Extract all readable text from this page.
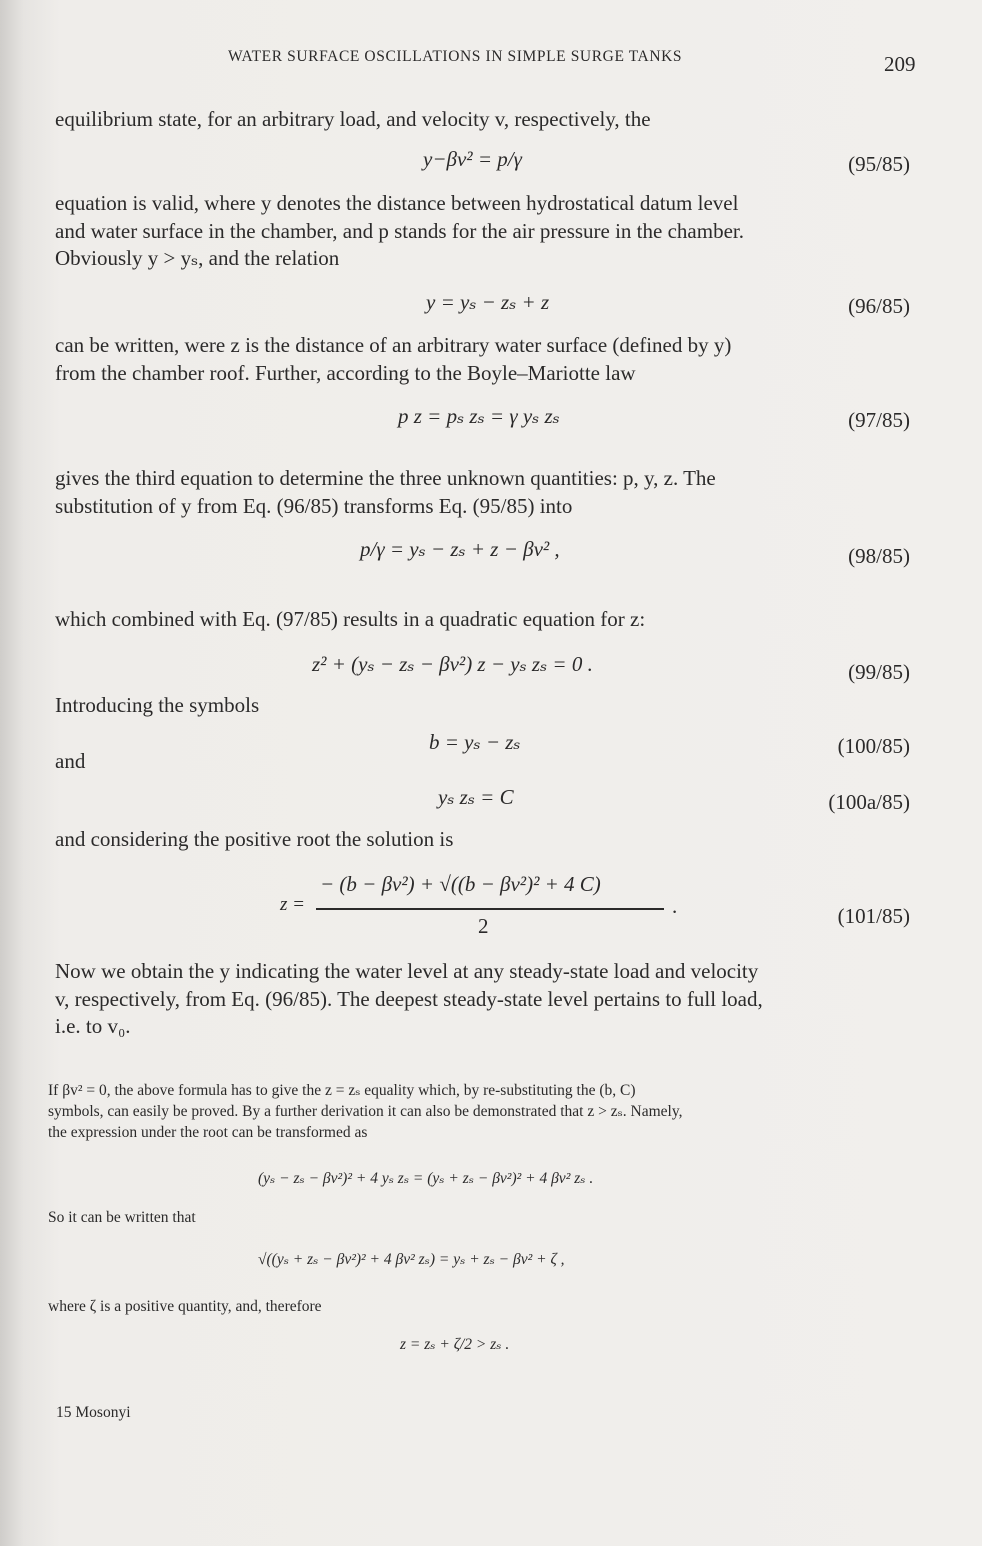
WATER SURFACE OSCILLATIONS IN SIMPLE SURGE TANKS	209
equilibrium state, for an arbitrary load, and velocity v, respectively, the
y−βv² = p/γ	(95/85)
equation is valid, where y denotes the distance between hydrostatical datum level
and water surface in the chamber, and p stands for the air pressure in the chamber.
Obviously y > yₛ, and the relation
y = yₛ − zₛ + z	(96/85)
can be written, were z is the distance of an arbitrary water surface (defined by y)
from the chamber roof. Further, according to the Boyle–Mariotte law
p z = pₛ zₛ = γ yₛ zₛ	(97/85)
gives the third equation to determine the three unknown quantities: p, y, z. The
substitution of y from Eq. (96/85) transforms Eq. (95/85) into
p/γ = yₛ − zₛ + z − βv² ,	(98/85)
which combined with Eq. (97/85) results in a quadratic equation for z:
z² + (yₛ − zₛ − βv²) z − yₛ zₛ = 0 .	(99/85)
Introducing the symbols
b = yₛ − zₛ	(100/85)
and
yₛ zₛ = C	(100a/85)
and considering the positive root the solution is
z =
− (b − βv²) + √((b − βv²)² + 4 C)
2
.	(101/85)
Now we obtain the y indicating the water level at any steady-state load and velocity
v, respectively, from Eq. (96/85). The deepest steady-state level pertains to full load,
i.e. to v₀.
If βv² = 0, the above formula has to give the z = zₛ equality which, by re-substituting the (b, C)
symbols, can easily be proved. By a further derivation it can also be demonstrated that z > zₛ. Namely,
the expression under the root can be transformed as
(yₛ − zₛ − βv²)² + 4 yₛ zₛ = (yₛ + zₛ − βv²)² + 4 βv² zₛ .
So it can be written that
√((yₛ + zₛ − βv²)² + 4 βv² zₛ) = yₛ + zₛ − βv² + ζ ,
where ζ is a positive quantity, and, therefore
z = zₛ + ζ/2 > zₛ .
15 Mosonyi
